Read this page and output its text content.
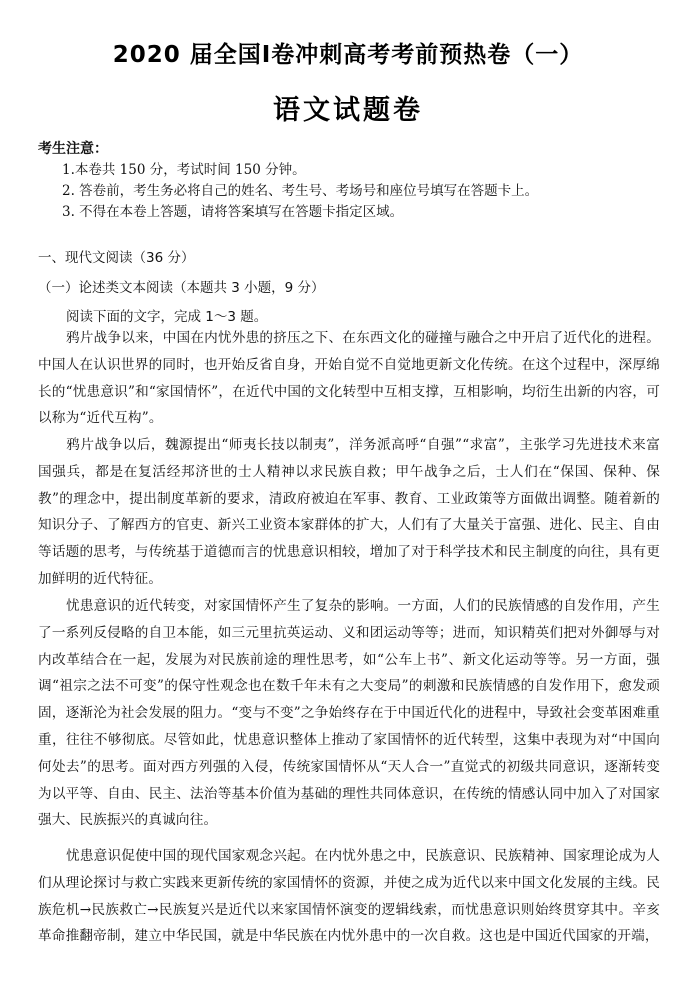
2020 届全国Ⅰ卷冲刺高考考前预热卷（一）
语文试题卷
考生注意：
1.本卷共 150 分，考试时间 150 分钟。
2. 答卷前，考生务必将自己的姓名、考生号、考场号和座位号填写在答题卡上。
3. 不得在本卷上答题，请将答案填写在答题卡指定区域。
一、现代文阅读（36 分）
（一）论述类文本阅读（本题共 3 小题，9 分）
阅读下面的文字，完成 1～3 题。
鸦片战争以来，中国在内忧外患的挤压之下、在东西文化的碰撞与融合之中开启了近代化的进程。中国人在认识世界的同时，也开始反省自身，开始自觉不自觉地更新文化传统。在这个过程中，深厚绵长的“忧患意识”和“家国情怀”，在近代中国的文化转型中互相支撑，互相影响，均衍生出新的内容，可以称为“近代互构”。
鸦片战争以后，魏源提出“师夷长技以制夷”，洋务派高呼“自强”“求富”，主张学习先进技术来富国强兵，都是在复活经邦济世的士人精神以求民族自救；甲午战争之后，士人们在“保国、保种、保教”的理念中，提出制度革新的要求，清政府被迫在军事、教育、工业政策等方面做出调整。随着新的知识分子、了解西方的官吏、新兴工业资本家群体的扩大，人们有了大量关于富强、进化、民主、自由等话题的思考，与传统基于道德而言的忧患意识相较，增加了对于科学技术和民主制度的向往，具有更加鲜明的近代特征。
忧患意识的近代转变，对家国情怀产生了复杂的影响。一方面，人们的民族情感的自发作用，产生了一系列反侵略的自卫本能，如三元里抗英运动、义和团运动等等；进而，知识精英们把对外御辱与对内改革结合在一起，发展为对民族前途的理性思考，如“公车上书”、新文化运动等等。另一方面，强调“祖宗之法不可变”的保守性观念也在数千年未有之大变局”的刺激和民族情感的自发作用下，愈发顽固，逐渐沦为社会发展的阻力。“变与不变”之争始终存在于中国近代化的进程中，导致社会变革困难重重，往往不够彻底。尽管如此，忧患意识整体上推动了家国情怀的近代转型，这集中表现为对“中国向何处去”的思考。面对西方列强的入侵，传统家国情怀从“天人合一”直觉式的初级共同意识，逐渐转变为以平等、自由、民主、法治等基本价值为基础的理性共同体意识，在传统的情感认同中加入了对国家强大、民族振兴的真诚向往。
忧患意识促使中国的现代国家观念兴起。在内忧外患之中，民族意识、民族精神、国家理论成为人们从理论探讨与救亡实践来更新传统的家国情怀的资源，并使之成为近代以来中国文化发展的主线。民族危机→民族救亡→民族复兴是近代以来家国情怀演变的逻辑线索，而忧患意识则始终贯穿其中。辛亥革命推翻帝制，建立中华民国，就是中华民族在内忧外患中的一次自救。这也是中国近代国家的开端，
